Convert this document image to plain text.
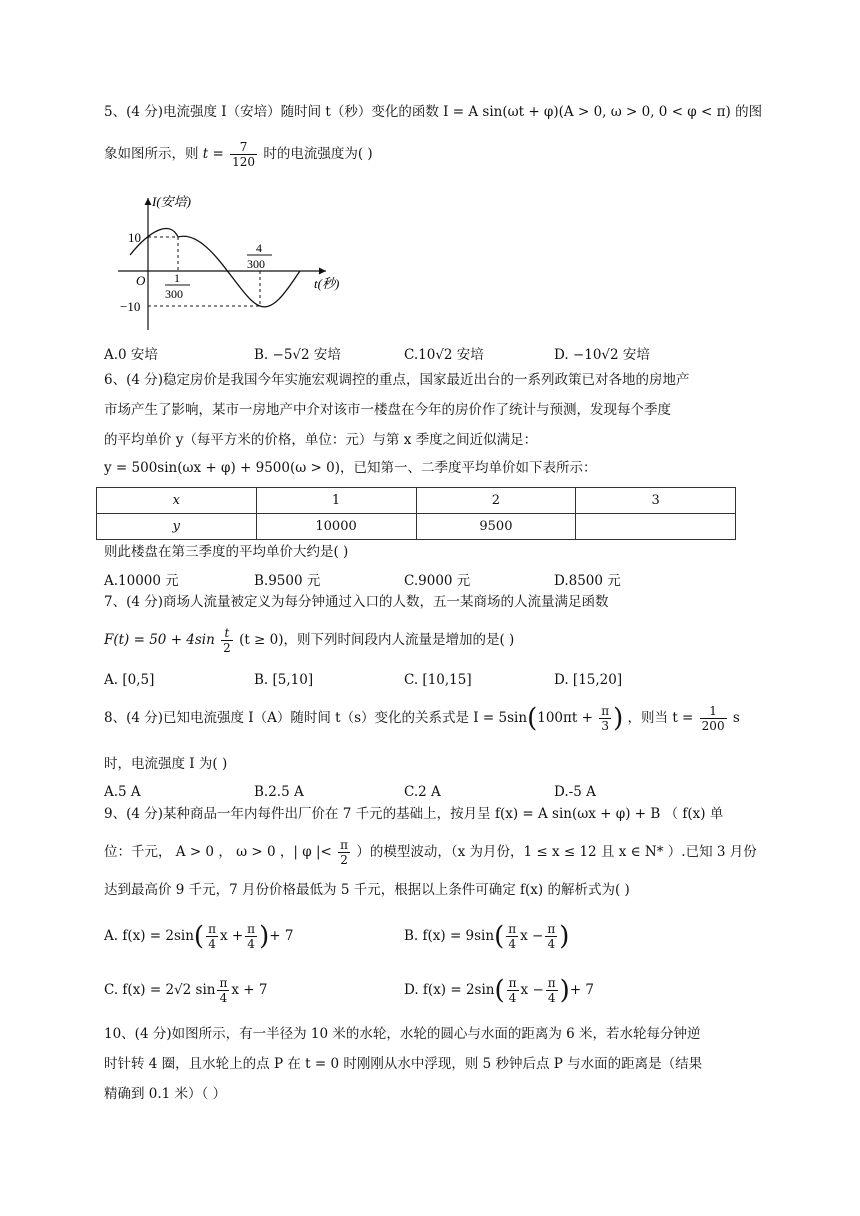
5、(4 分)电流强度 I（安培）随时间 t（秒）变化的函数 I = A sin(ωt + φ)(A > 0, ω > 0, 0 < φ < π) 的图
象如图所示，则 $t = \frac{7}{120}$ 时的电流强度为( )
I(安培)
t(秒)
O
10
−10
1
300
4
300
A.0 安培	B. −5√2 安培	C.10√2 安培	D. −10√2 安培
6、(4 分)稳定房价是我国今年实施宏观调控的重点，国家最近出台的一系列政策已对各地的房地产
市场产生了影响，某市一房地产中介对该市一楼盘在今年的房价作了统计与预测，发现每个季度
的平均单价 y（每平方米的价格，单位：元）与第 x 季度之间近似满足：
y = 500sin(ωx + φ) + 9500(ω > 0)，已知第一、二季度平均单价如下表所示：
x	1	2	3
y	10000	9500	
则此楼盘在第三季度的平均单价大约是( )
A.10000 元	B.9500 元	C.9000 元	D.8500 元
7、(4 分)商场人流量被定义为每分钟通过入口的人数，五一某商场的人流量满足函数
$F(t) = 50 + 4\sin \frac{t}{2} (t \ge 0)$，则下列时间段内人流量是增加的是( )
A. [0,5]	B. [5,10]	C. [10,15]	D. [15,20]
8、(4 分)已知电流强度 I（A）随时间 t（s）变化的关系式是 $I = 5\sin(100\pi t + \frac{\pi}{3}$ ) ，则当 $t = \frac{1}{200}$ s
时，电流强度 I 为( )
A.5 A	B.2.5 A	C.2 A	D.-5 A
9、(4 分)某种商品一年内每件出厂价在 7 千元的基础上，按月呈 f(x) = A sin(ωx + φ) + B （ f(x) 单
位：千元， A > 0 ， ω > 0 ，| φ |< $\frac{\pi}{2}$ ）的模型波动，（x 为月份，1 ≤ x ≤ 12 且 x ∈ N* ）.已知 3 月份
达到最高价 9 千元，7 月份价格最低为 5 千元，根据以上条件可确定 f(x) 的解析式为( )
A. $f(x) = 2\sin( \frac{\pi}{4}$ $x + \frac{\pi}{4}$ )+ 7	B. $f(x) = 9\sin( \frac{\pi}{4}$ $x - \frac{\pi}{4}$ )
C. f(x) = 2√2 $\sin \frac{\pi}{4}$ x + 7	D. $f(x) = 2\sin( \frac{\pi}{4}$ $x - \frac{\pi}{4}$ )+ 7
10、(4 分)如图所示，有一半径为 10 米的水轮，水轮的圆心与水面的距离为 6 米，若水轮每分钟逆
时针转 4 圈，且水轮上的点 P 在 t = 0 时刚刚从水中浮现，则 5 秒钟后点 P 与水面的距离是（结果
精确到 0.1 米）（ ）
